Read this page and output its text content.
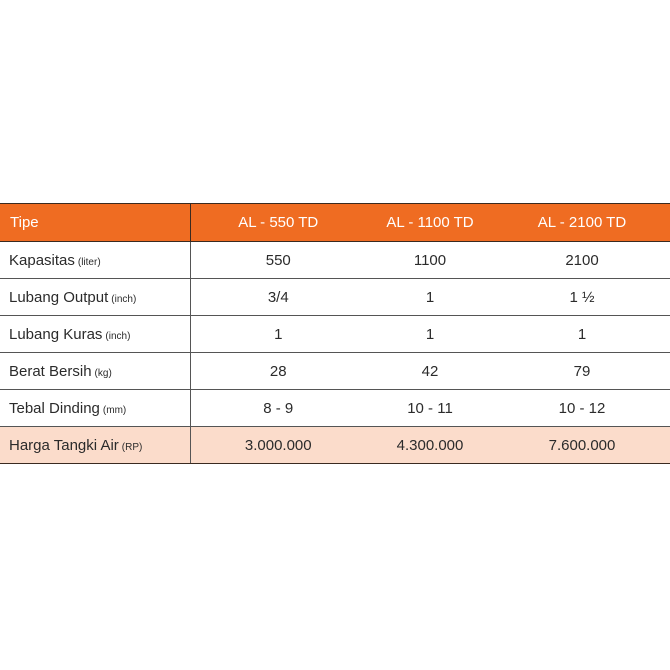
Tipe	AL - 550 TD	AL - 1100 TD	AL - 2100 TD
Kapasitas (liter)	550	1100	2100
Lubang Output (inch)	3/4	1	1 ½
Lubang Kuras (inch)	1	1	1
Berat Bersih (kg)	28	42	79
Tebal Dinding (mm)	8 - 9	10 - 11	10 - 12
Harga Tangki Air (RP)	3.000.000	4.300.000	7.600.000
